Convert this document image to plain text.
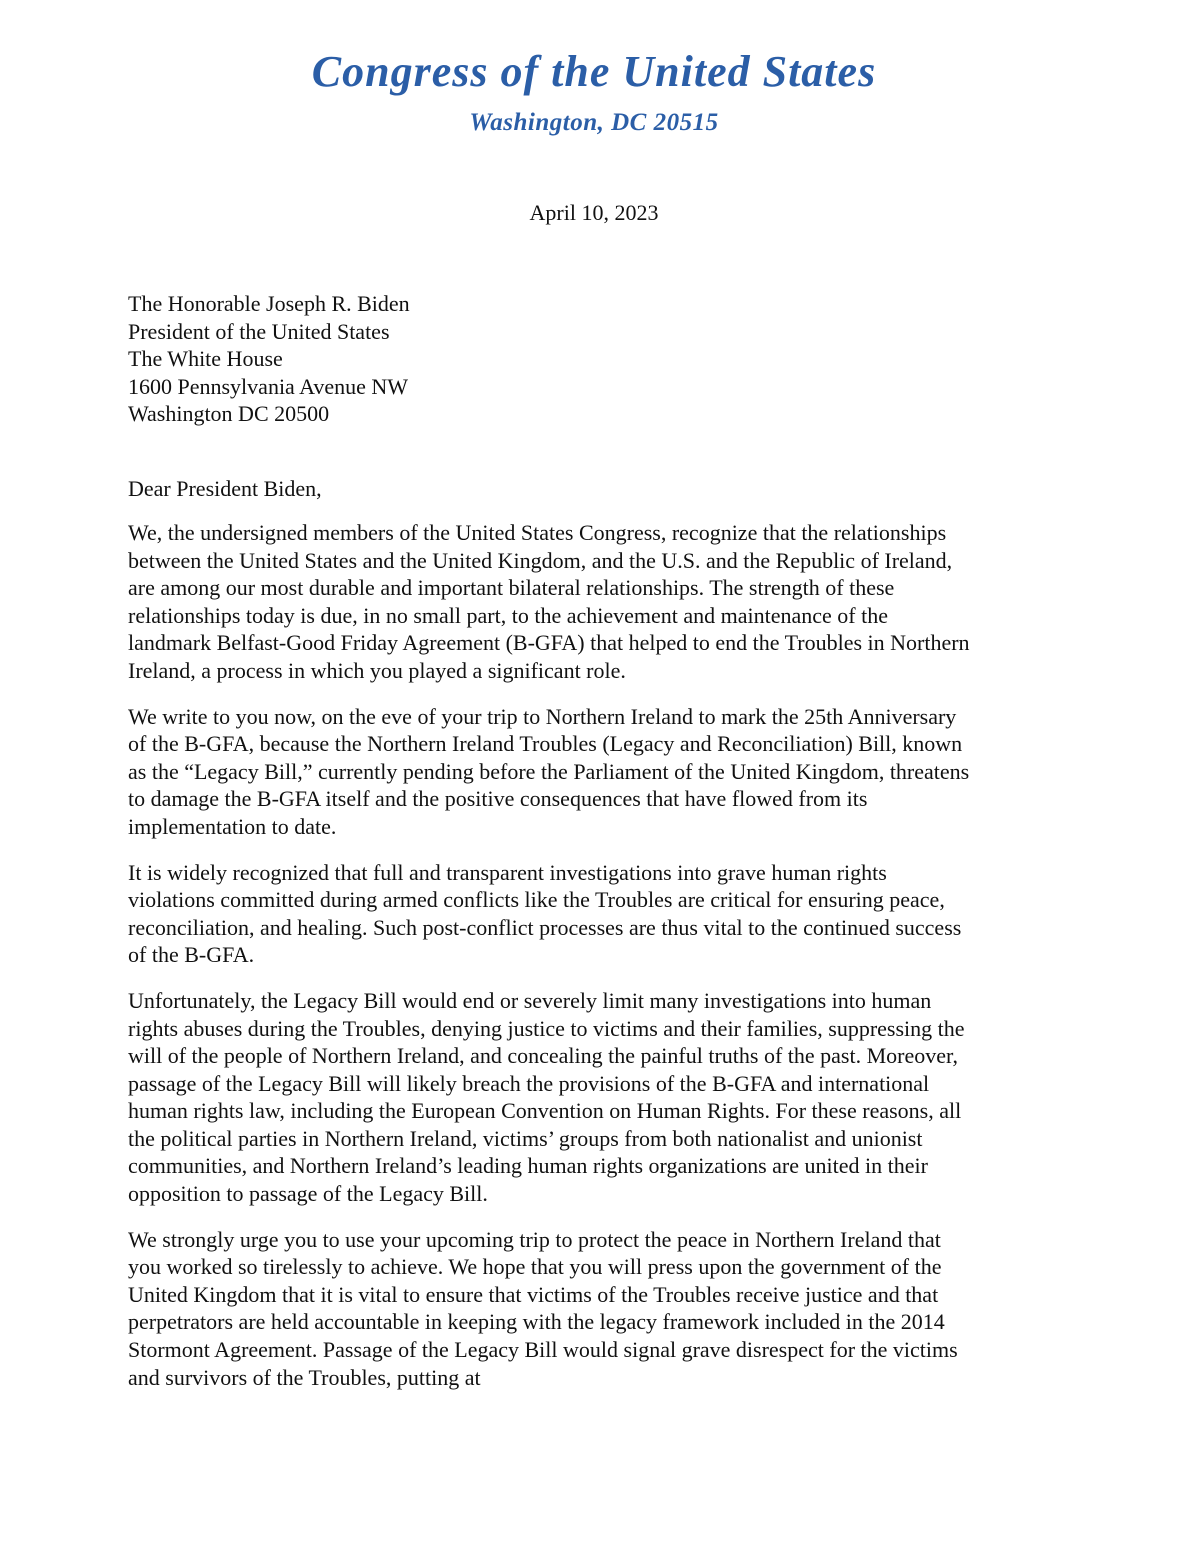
Congress of the United States
Washington, DC 20515
April 10, 2023
The Honorable Joseph R. Biden
President of the United States
The White House
1600 Pennsylvania Avenue NW
Washington DC 20500
Dear President Biden,

We, the undersigned members of the United States Congress, recognize that the relationships between the United States and the United Kingdom, and the U.S. and the Republic of Ireland, are among our most durable and important bilateral relationships. The strength of these relationships today is due, in no small part, to the achievement and maintenance of the landmark Belfast-Good Friday Agreement (B-GFA) that helped to end the Troubles in Northern Ireland, a process in which you played a significant role.

We write to you now, on the eve of your trip to Northern Ireland to mark the 25th Anniversary of the B-GFA, because the Northern Ireland Troubles (Legacy and Reconciliation) Bill, known as the “Legacy Bill,” currently pending before the Parliament of the United Kingdom, threatens to damage the B-GFA itself and the positive consequences that have flowed from its implementation to date.

It is widely recognized that full and transparent investigations into grave human rights violations committed during armed conflicts like the Troubles are critical for ensuring peace, reconciliation, and healing. Such post-conflict processes are thus vital to the continued success of the B-GFA.

Unfortunately, the Legacy Bill would end or severely limit many investigations into human rights abuses during the Troubles, denying justice to victims and their families, suppressing the will of the people of Northern Ireland, and concealing the painful truths of the past. Moreover, passage of the Legacy Bill will likely breach the provisions of the B-GFA and international human rights law, including the European Convention on Human Rights. For these reasons, all the political parties in Northern Ireland, victims’ groups from both nationalist and unionist communities, and Northern Ireland’s leading human rights organizations are united in their opposition to passage of the Legacy Bill.

We strongly urge you to use your upcoming trip to protect the peace in Northern Ireland that you worked so tirelessly to achieve. We hope that you will press upon the government of the United Kingdom that it is vital to ensure that victims of the Troubles receive justice and that perpetrators are held accountable in keeping with the legacy framework included in the 2014 Stormont Agreement. Passage of the Legacy Bill would signal grave disrespect for the victims and survivors of the Troubles, putting at
